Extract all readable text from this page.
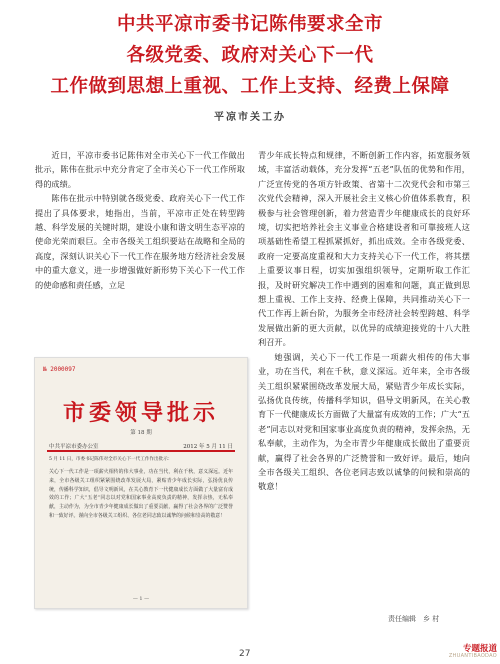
中共平凉市委书记陈伟要求全市
各级党委、政府对关心下一代
工作做到思想上重视、工作上支持、经费上保障
平凉市关工办

近日，平凉市委书记陈伟对全市关心下一代工作做出批示，陈伟在批示中充分肯定了全市关心下一代工作所取得的成绩。

陈伟在批示中特别就各级党委、政府关心下一代工作提出了具体要求，她指出，当前，平凉市正处在转型跨越、科学发展的关键时期，建设小康和谐文明生态平凉的使命光荣而艰巨。全市各级关工组织要站在战略和全局的高度，深刻认识关心下一代工作在服务地方经济社会发展中的重大意义，进一步增强做好新形势下关心下一代工作的使命感和责任感，立足

青少年成长特点和规律，不断创新工作内容，拓宽服务领域，丰富活动载体，充分发挥“五老”队伍的优势和作用，广泛宣传党的各项方针政策、省第十二次党代会和市第三次党代会精神，深入开展社会主义核心价值体系教育，积极参与社会管理创新，着力营造青少年健康成长的良好环境，切实把培养社会主义事业合格建设者和可靠接班人这项基础性希望工程抓紧抓好，抓出成效。全市各级党委、政府一定要高度重视和大力支持关心下一代工作，将其摆上重要议事日程，切实加强组织领导，定期听取工作汇报，及时研究解决工作中遇到的困难和问题，真正做到思想上重视、工作上支持、经费上保障，共同推动关心下一代工作再上新台阶，为服务全市经济社会转型跨越、科学发展做出新的更大贡献，以优异的成绩迎接党的十八大胜利召开。

她强调，关心下一代工作是一项薪火相传的伟大事业，功在当代，利在千秋，意义深远。近年来，全市各级关工组织紧紧围绕改革发展大局，紧贴青少年成长实际，弘扬优良传统，传播科学知识，倡导文明新风，在关心教育下一代健康成长方面做了大量富有成效的工作；广大“五老”同志以对党和国家事业高度负责的精神，发挥余热，无私奉献，主动作为，为全市青少年健康成长做出了重要贡献，赢得了社会各界的广泛赞誉和一致好评。最后，她向全市各级关工组织、各位老同志致以诚挚的问候和崇高的敬意！

№ 2000097
市委领导批示
第 18 期
中共平凉市委办公室	2012 年 5 月 11 日
5 月 11 日，市委书记陈伟对全市关心下一代工作作出批示：
关心下一代工作是一项薪火相传的伟大事业，功在当代，利在千秋，意义深远。近年来，全市各级关工组织紧紧围绕改革发展大局，紧贴青少年成长实际，弘扬优良传统，传播科学知识，倡导文明新风，在关心教育下一代健康成长方面做了大量富有成效的工作；广大“五老”同志以对党和国家事业高度负责的精神，发挥余热，无私奉献，主动作为，为全市青少年健康成长做出了重要贡献，赢得了社会各界的广泛赞誉和一致好评。谨向全市各级关工组织、各位老同志致以诚挚的问候和崇高的敬意！
— 1 —
责任编辑　乡 村
27	专题报道
ZHUANTIBAODAO
